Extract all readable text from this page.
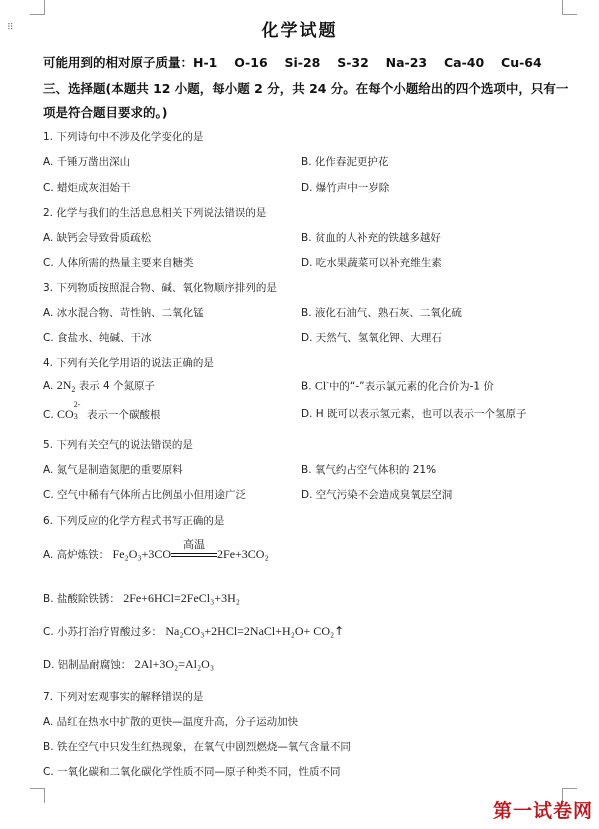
⠿	化学试题
可能用到的相对原子质量：H-1　 O-16　 Si-28　 S-32　 Na-23　 Ca-40　 Cu-64
三、选择题(本题共 12 小题，每小题 2 分，共 24 分。在每个小题给出的四个选项中，只有一
项是符合题目要求的。)
1. 下列诗句中不涉及化学变化的是
A. 千锤万凿出深山	B. 化作春泥更护花
C. 蜡炬成灰泪始干	D. 爆竹声中一岁除
2. 化学与我们的生活息息相关下列说法错误的是
A. 缺钙会导致骨质疏松	B. 贫血的人补充的铁越多越好
C. 人体所需的热量主要来自糖类	D. 吃水果蔬菜可以补充维生素
3. 下列物质按照混合物、碱、氧化物顺序排列的是
A. 冰水混合物、苛性钠、二氧化锰	B. 液化石油气、熟石灰、二氧化硫
C. 食盐水、纯碱、干冰	D. 天然气、氢氧化钾、大理石
4. 下列有关化学用语的说法正确的是
A. $2N_2$ 表示 4 个氮原子	B. Cl-中的“-”表示氯元素的化合价为-1 价
C. CO
2-
3 表示一个碳酸根	D. H 既可以表示氢元素，也可以表示一个氢原子
5. 下列有关空气的说法错误的是
A. 氮气是制造氮肥的重要原料	B. 氧气约占空气体积的 21%
C. 空气中稀有气体所占比例虽小但用途广泛	D. 空气污染不会造成臭氧层空洞
6. 下列反应的化学方程式书写正确的是
A. 高炉炼铁： Fe₂O₃+3CO
高温
2Fe+3CO₂
B. 盐酸除铁锈： 2Fe+6HCl=2FeCl₃+3H₂
C. 小苏打治疗胃酸过多： Na₂CO₃+2HCl=2NaCl+H₂O+ CO₂↑
D. 铝制品耐腐蚀： 2Al+3O₂=Al₂O₃
7. 下列对宏观事实的解释错误的是
A. 品红在热水中扩散的更快—温度升高，分子运动加快
B. 铁在空气中只发生红热现象，在氧气中剧烈燃烧—氧气含量不同
C. 一氧化碳和二氧化碳化学性质不同—原子种类不同，性质不同
第一试卷网
